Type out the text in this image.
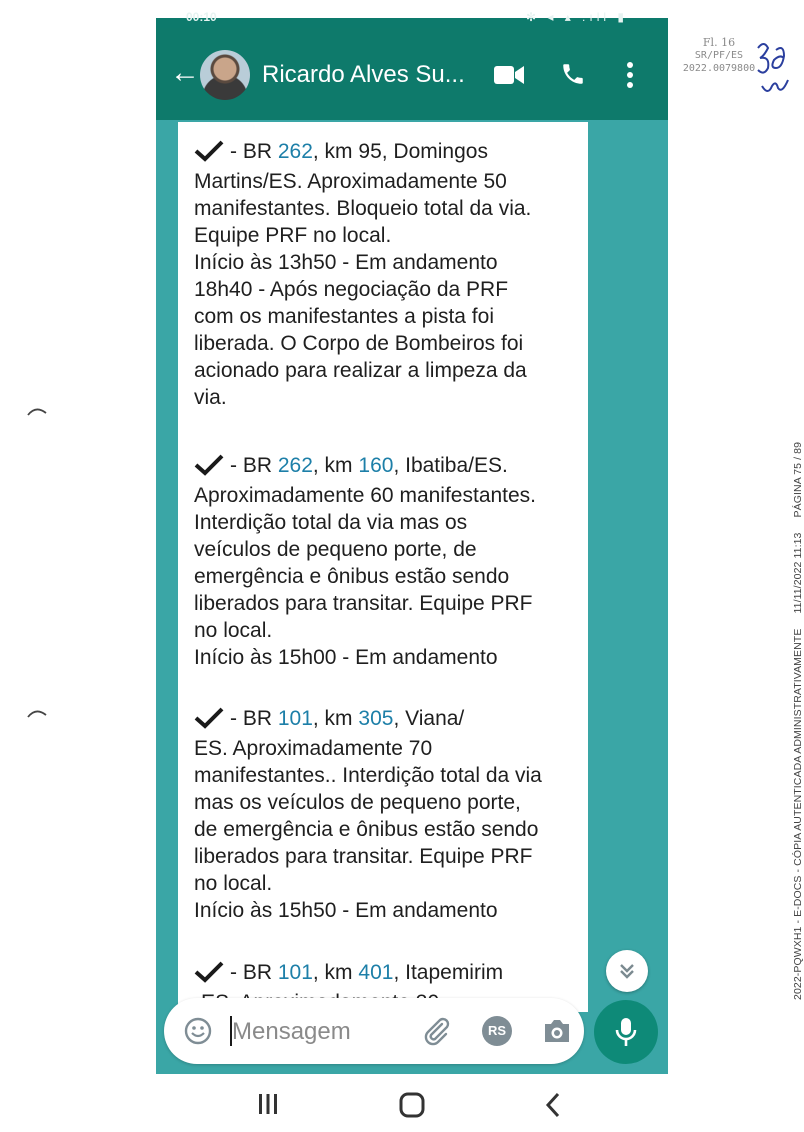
00:10	✻ ◂ ▴ .ıll ▮
←	Ricardo Alves Su...

- BR 262, km 95, Domingos

Martins/ES. Aproximadamente 50

manifestantes. Bloqueio total da via.

Equipe PRF no local.

Início às 13h50 - Em andamento

18h40 - Após negociação da PRF

com os manifestantes a pista foi

liberada. O Corpo de Bombeiros foi

acionado para realizar a limpeza da

via.

- BR 262, km 160, Ibatiba/ES.

Aproximadamente 60 manifestantes.

Interdição total da via mas os

veículos de pequeno porte, de

emergência e ônibus estão sendo

liberados para transitar. Equipe PRF

no local.

Início às 15h00 - Em andamento

- BR 101, km 305, Viana/

ES. Aproximadamente 70

manifestantes.. Interdição total da via

mas os veículos de pequeno porte,

de emergência e ônibus estão sendo

liberados para transitar. Equipe PRF

no local.

Início às 15h50 - Em andamento

- BR 101, km 401, Itapemirim

Mensagem	RS
Fl. 16
SR/PF/ES
2022.0079800
2022-PQWXH1 - E-DOCS - CÓPIA AUTENTICADA ADMINISTRATIVAMENTE 11/11/2022 11:13 PÁGINA 75 / 89
